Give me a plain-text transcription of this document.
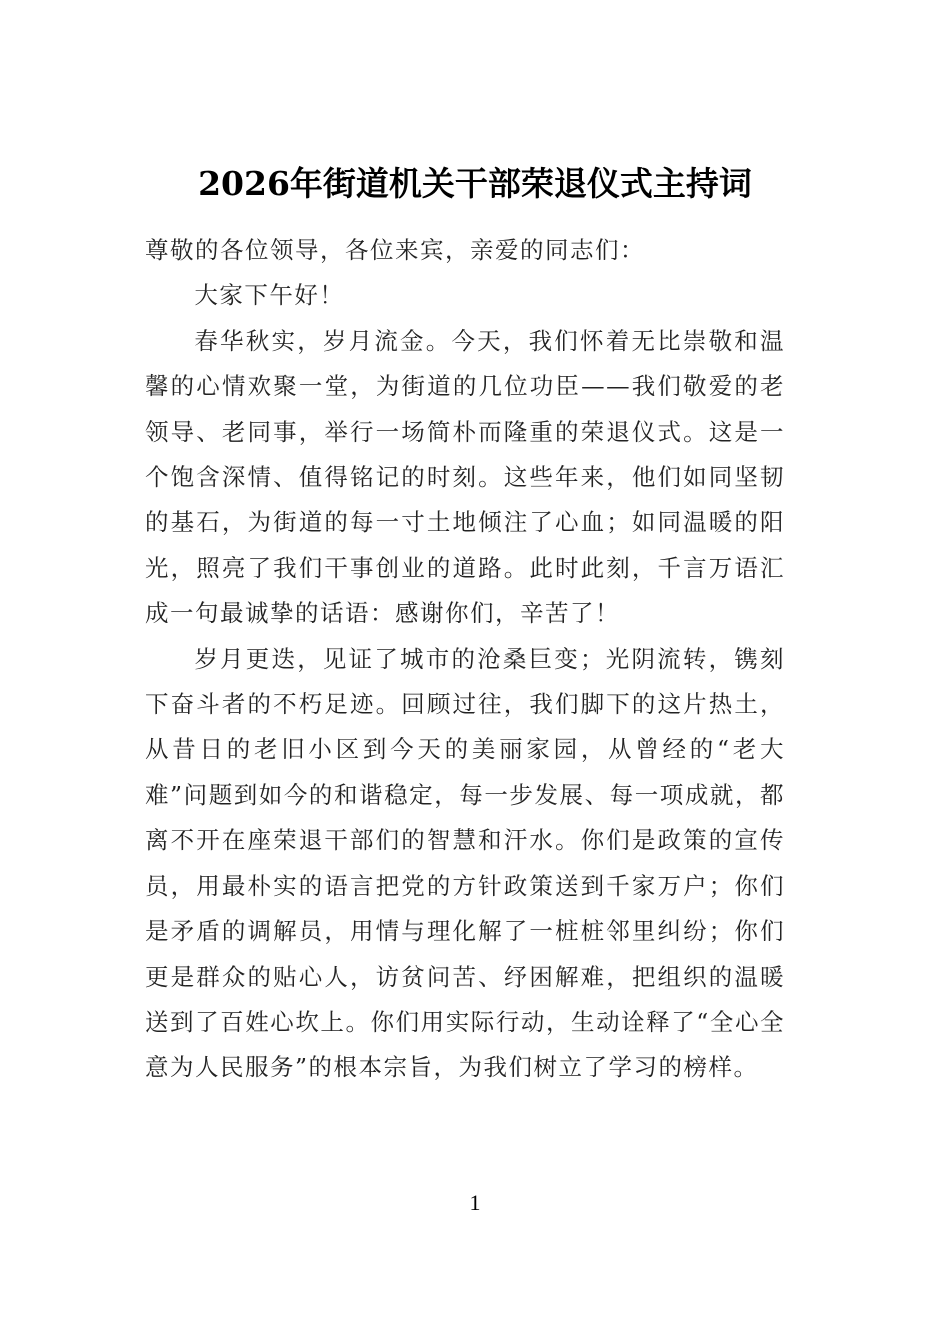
2026年街道机关干部荣退仪式主持词

尊敬的各位领导，各位来宾，亲爱的同志们：

大家下午好！

春华秋实，岁月流金。今天，我们怀着无比崇敬和温馨的心情欢聚一堂，为街道的几位功臣——我们敬爱的老领导、老同事，举行一场简朴而隆重的荣退仪式。这是一个饱含深情、值得铭记的时刻。这些年来，他们如同坚韧的基石，为街道的每一寸土地倾注了心血；如同温暖的阳光，照亮了我们干事创业的道路。此时此刻，千言万语汇成一句最诚挚的话语：感谢你们，辛苦了！

岁月更迭，见证了城市的沧桑巨变；光阴流转，镌刻下奋斗者的不朽足迹。回顾过往，我们脚下的这片热土，从昔日的老旧小区到今天的美丽家园，从曾经的“老大难”问题到如今的和谐稳定，每一步发展、每一项成就，都离不开在座荣退干部们的智慧和汗水。你们是政策的宣传员，用最朴实的语言把党的方针政策送到千家万户；你们是矛盾的调解员，用情与理化解了一桩桩邻里纠纷；你们更是群众的贴心人，访贫问苦、纾困解难，把组织的温暖送到了百姓心坎上。你们用实际行动，生动诠释了“全心全意为人民服务”的根本宗旨，为我们树立了学习的榜样。

1
